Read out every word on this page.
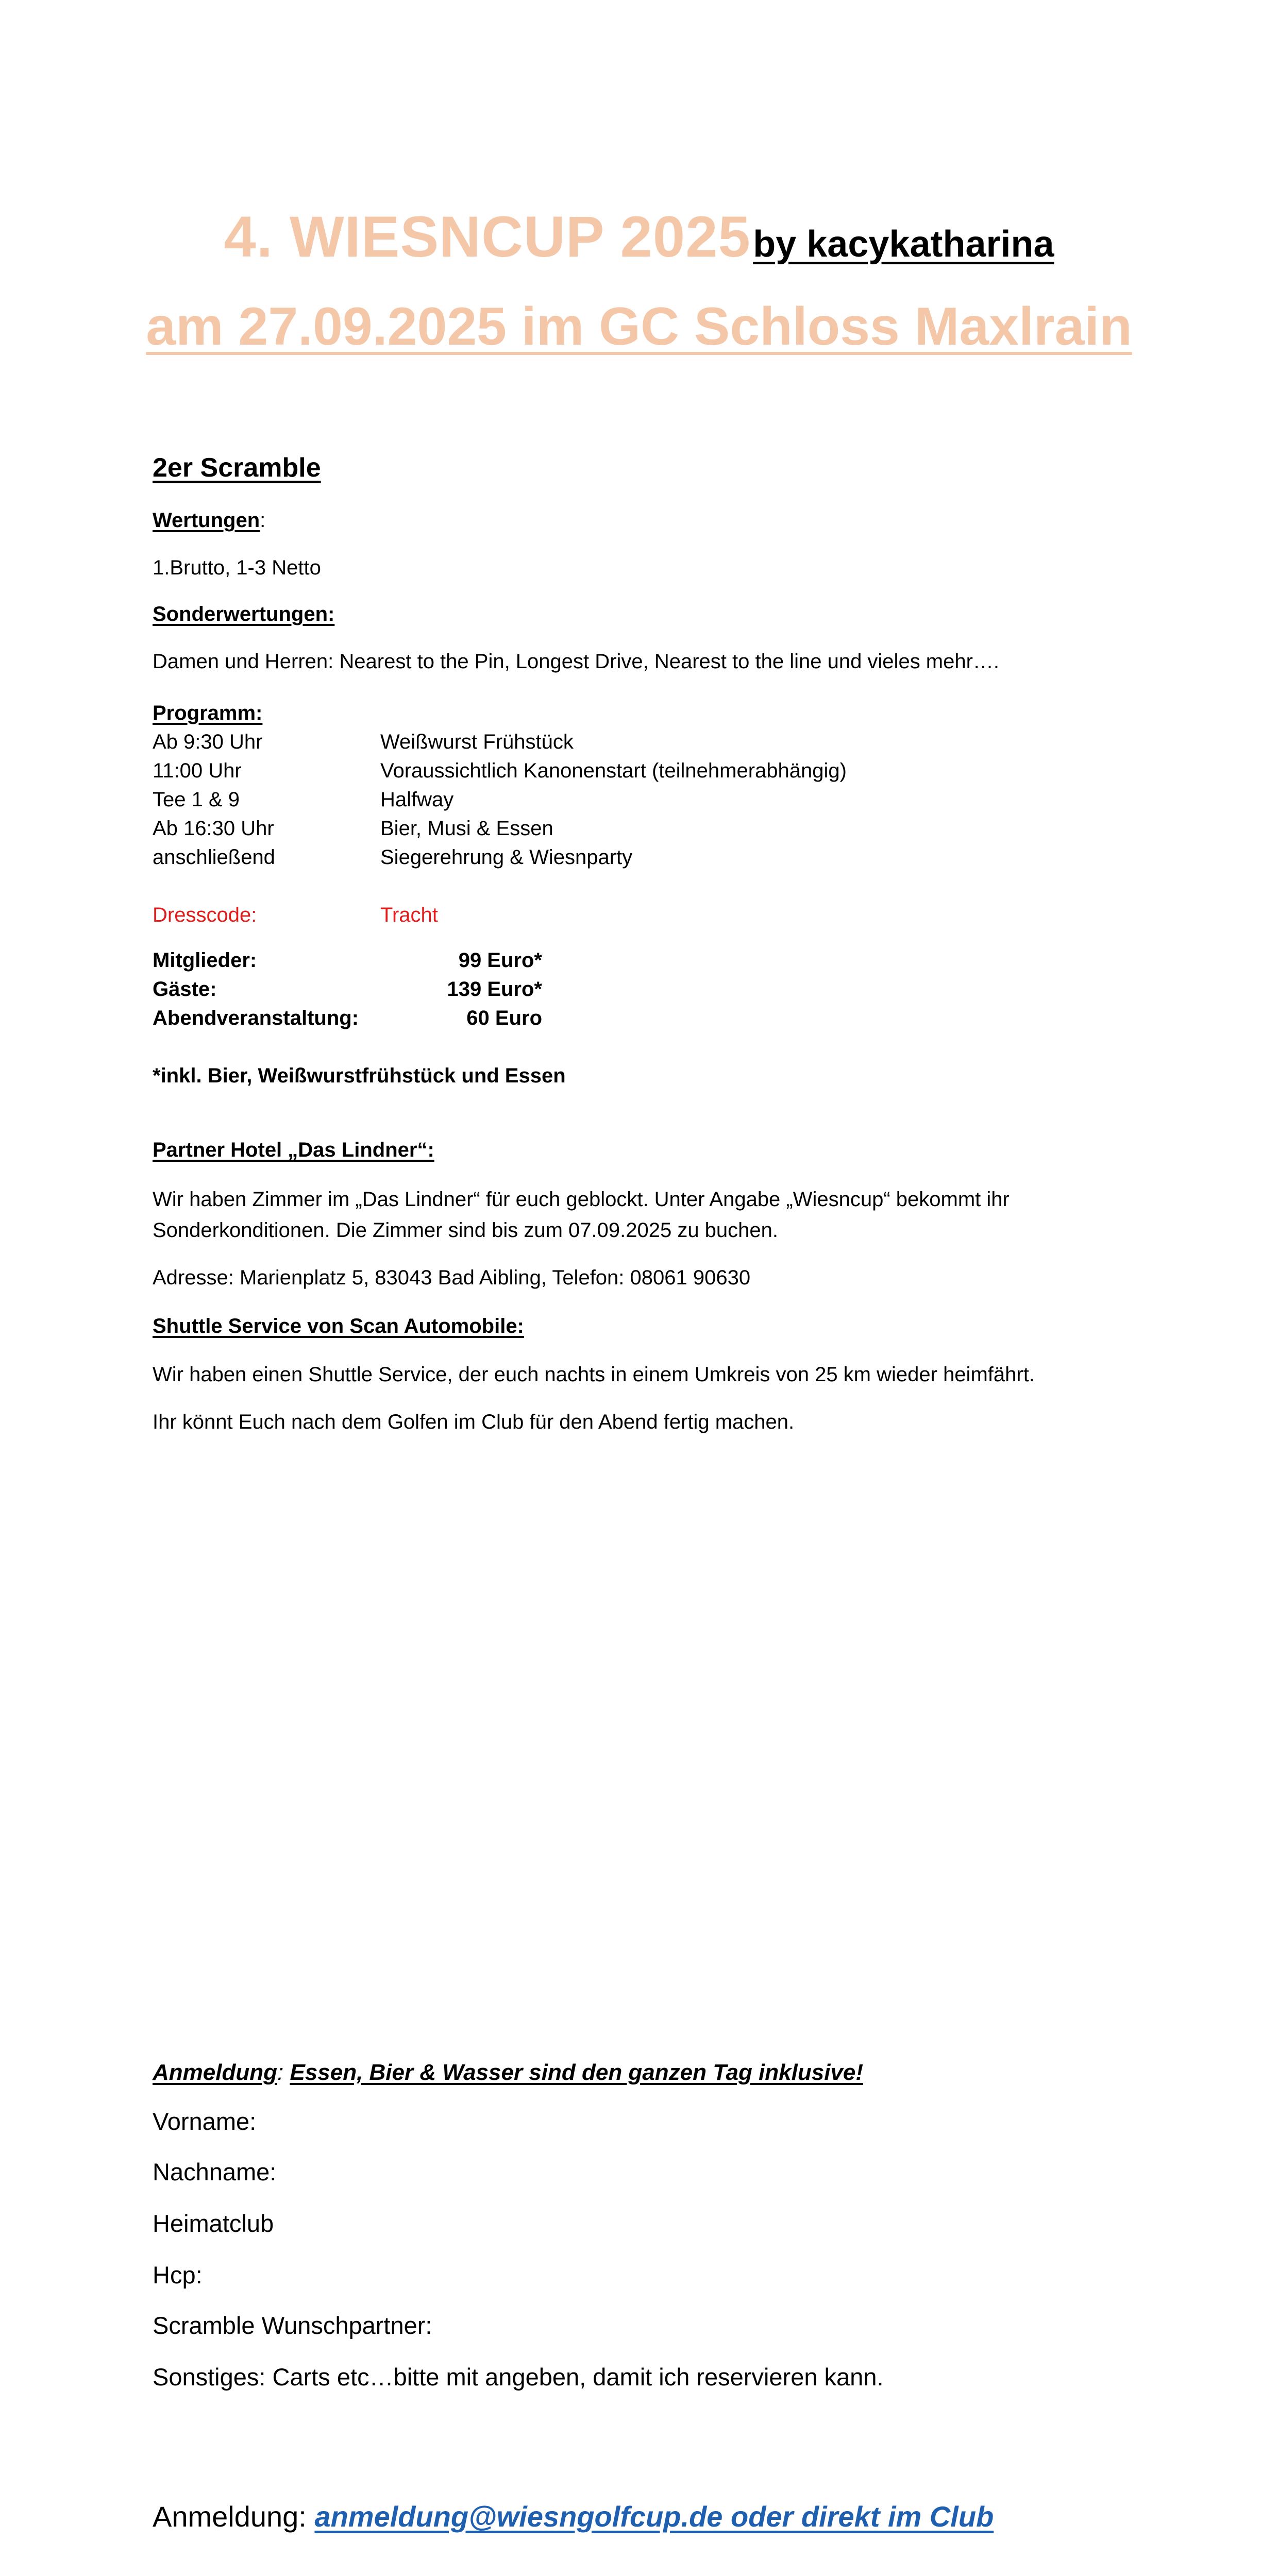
4. WIESNCUP 2025 by kacykatharina
am 27.09.2025 im GC Schloss Maxlrain
2er Scramble
Wertungen:
1.Brutto, 1-3 Netto
Sonderwertungen:
Damen und Herren: Nearest to the Pin, Longest Drive, Nearest to the line und vieles mehr….
Programm:
Ab 9:30 Uhr	Weißwurst Frühstück
11:00 Uhr	Voraussichtlich Kanonenstart (teilnehmerabhängig)
Tee 1 & 9	Halfway
Ab 16:30 Uhr	Bier, Musi & Essen
anschließend	Siegerehrung & Wiesnparty
Dresscode:	Tracht
Mitglieder:	99 Euro*
Gäste:	139 Euro*
Abendveranstaltung:	60 Euro
*inkl. Bier, Weißwurstfrühstück und Essen
Partner Hotel „Das Lindner“:
Wir haben Zimmer im „Das Lindner“ für euch geblockt. Unter Angabe „Wiesncup“ bekommt ihr
Sonderkonditionen. Die Zimmer sind bis zum 07.09.2025 zu buchen.
Adresse: Marienplatz 5, 83043 Bad Aibling, Telefon: 08061 90630
Shuttle Service von Scan Automobile:
Wir haben einen Shuttle Service, der euch nachts in einem Umkreis von 25 km wieder heimfährt.
Ihr könnt Euch nach dem Golfen im Club für den Abend fertig machen.
Anmeldung: Essen, Bier & Wasser sind den ganzen Tag inklusive!
Vorname:
Nachname:
Heimatclub
Hcp:
Scramble Wunschpartner:
Sonstiges: Carts etc…bitte mit angeben, damit ich reservieren kann.
Anmeldung: anmeldung@wiesngolfcup.de oder direkt im Club
